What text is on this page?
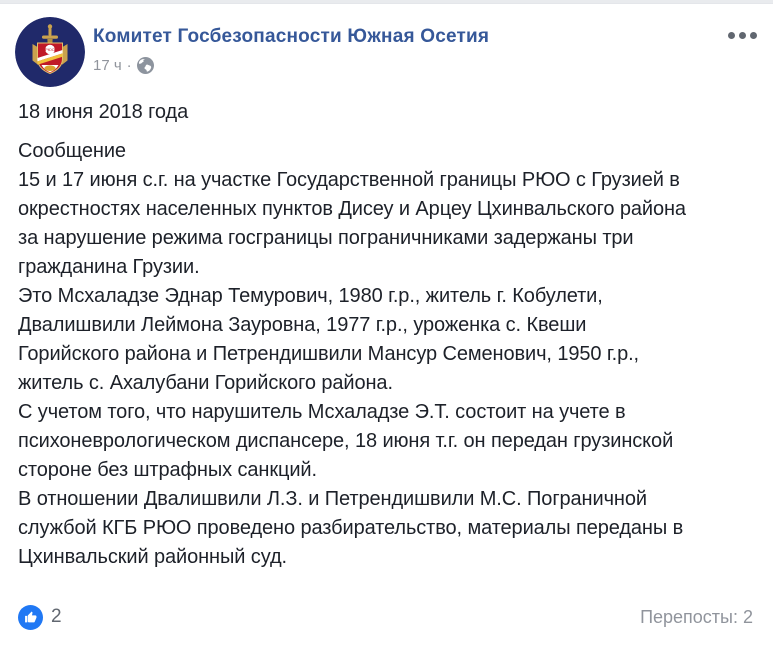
РЮО
Комитет Госбезопасности Южная Осетия
17 ч ·
18 июня 2018 года
Сообщение
15 и 17 июня с.г. на участке Государственной границы РЮО с Грузией в
окрестностях населенных пунктов Дисеу и Арцеу Цхинвальского района
за нарушение режима госграницы пограничниками задержаны три
гражданина Грузии.
Это Мсхаладзе Эднар Темурович, 1980 г.р., житель г. Кобулети,
Двалишвили Леймона Зауровна, 1977 г.р., уроженка с. Квеши
Горийского района и Петрендишвили Мансур Семенович, 1950 г.р.,
житель с. Ахалубани Горийского района.
С учетом того, что нарушитель Мсхаладзе Э.Т. состоит на учете в
психоневрологическом диспансере, 18 июня т.г. он передан грузинской
стороне без штрафных санкций.
В отношении Двалишвили Л.З. и Петрендишвили М.С. Пограничной
службой КГБ РЮО проведено разбирательство, материалы переданы в
Цхинвальский районный суд.
2	Перепосты: 2
